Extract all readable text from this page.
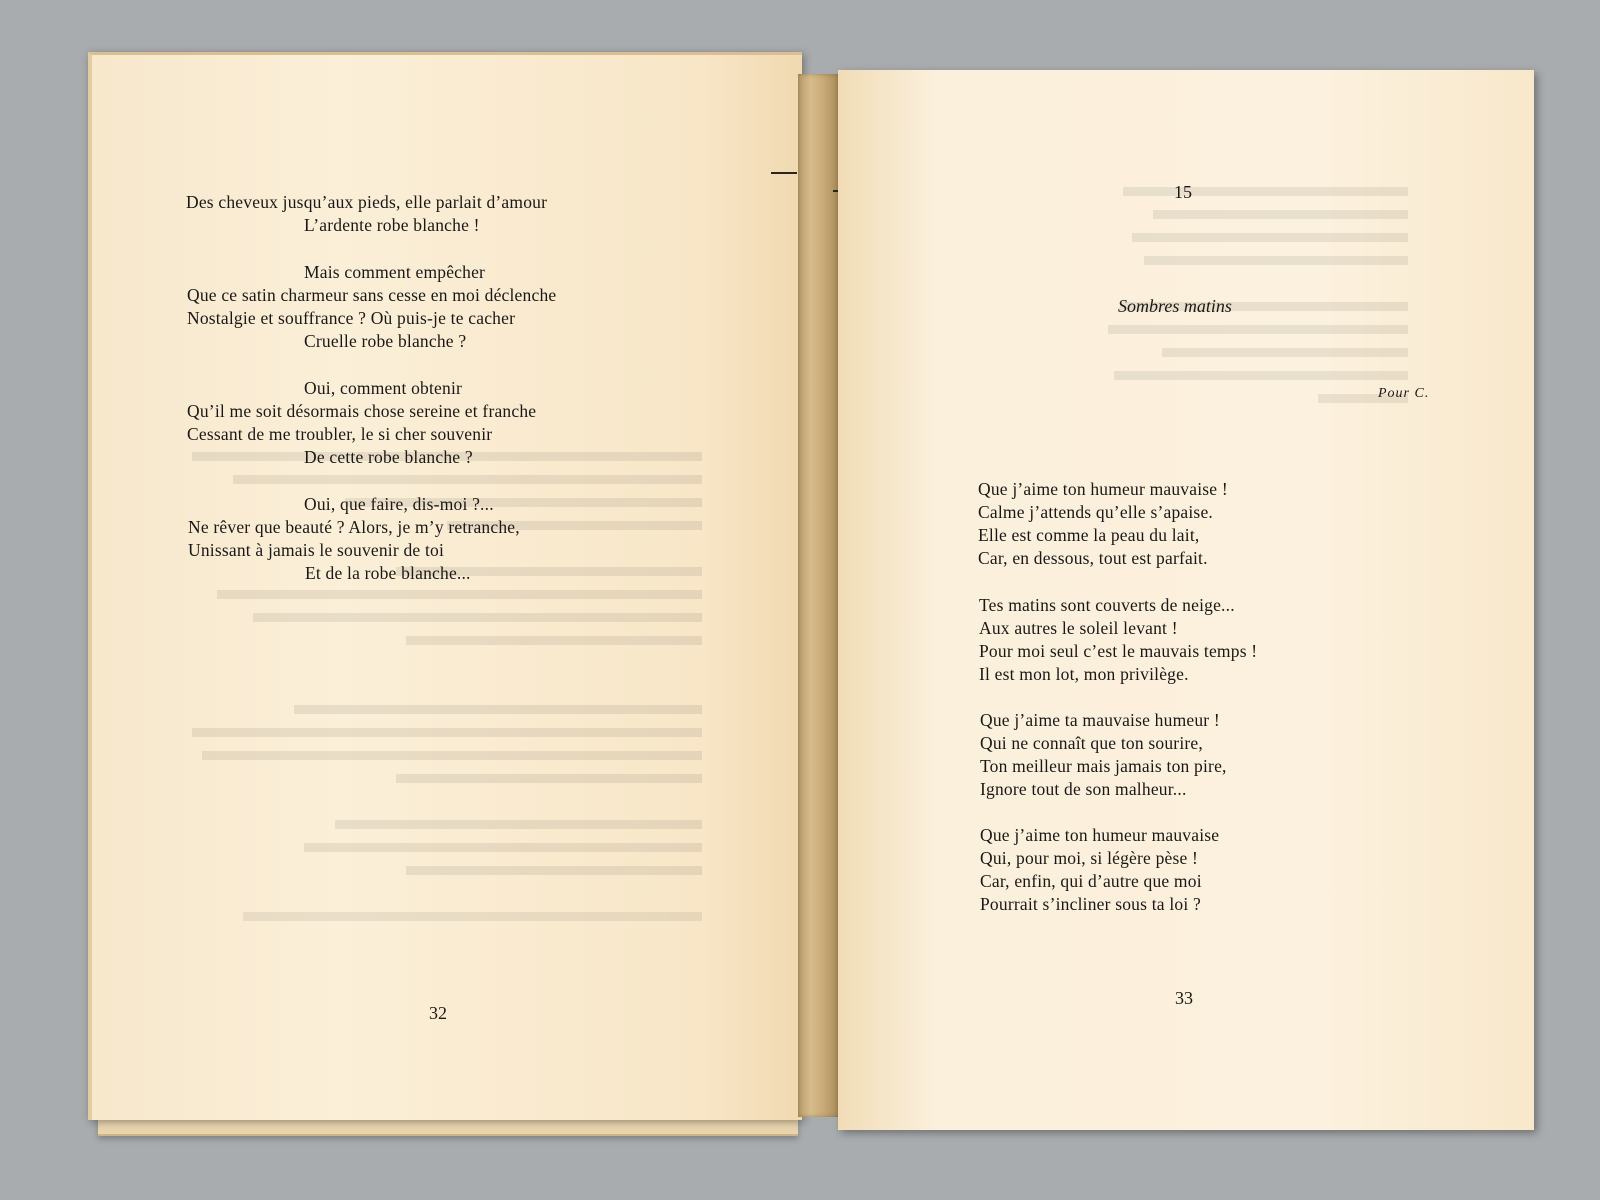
Des cheveux jusqu’aux pieds, elle parlait d’amour
L’ardente robe blanche !
Mais comment empêcher
Que ce satin charmeur sans cesse en moi déclenche
Nostalgie et souffrance ? Où puis-je te cacher
Cruelle robe blanche ?
Oui, comment obtenir
Qu’il me soit désormais chose sereine et franche
Cessant de me troubler, le si cher souvenir
De cette robe blanche ?
Oui, que faire, dis-moi ?...
Ne rêver que beauté ? Alors, je m’y retranche,
Unissant à jamais le souvenir de toi
Et de la robe blanche...
32
15
Sombres matins
Pour C.
Que j’aime ton humeur mauvaise !
Calme j’attends qu’elle s’apaise.
Elle est comme la peau du lait,
Car, en dessous, tout est parfait.
Tes matins sont couverts de neige...
Aux autres le soleil levant !
Pour moi seul c’est le mauvais temps !
Il est mon lot, mon privilège.
Que j’aime ta mauvaise humeur !
Qui ne connaît que ton sourire,
Ton meilleur mais jamais ton pire,
Ignore tout de son malheur...
Que j’aime ton humeur mauvaise
Qui, pour moi, si légère pèse !
Car, enfin, qui d’autre que moi
Pourrait s’incliner sous ta loi ?
33
